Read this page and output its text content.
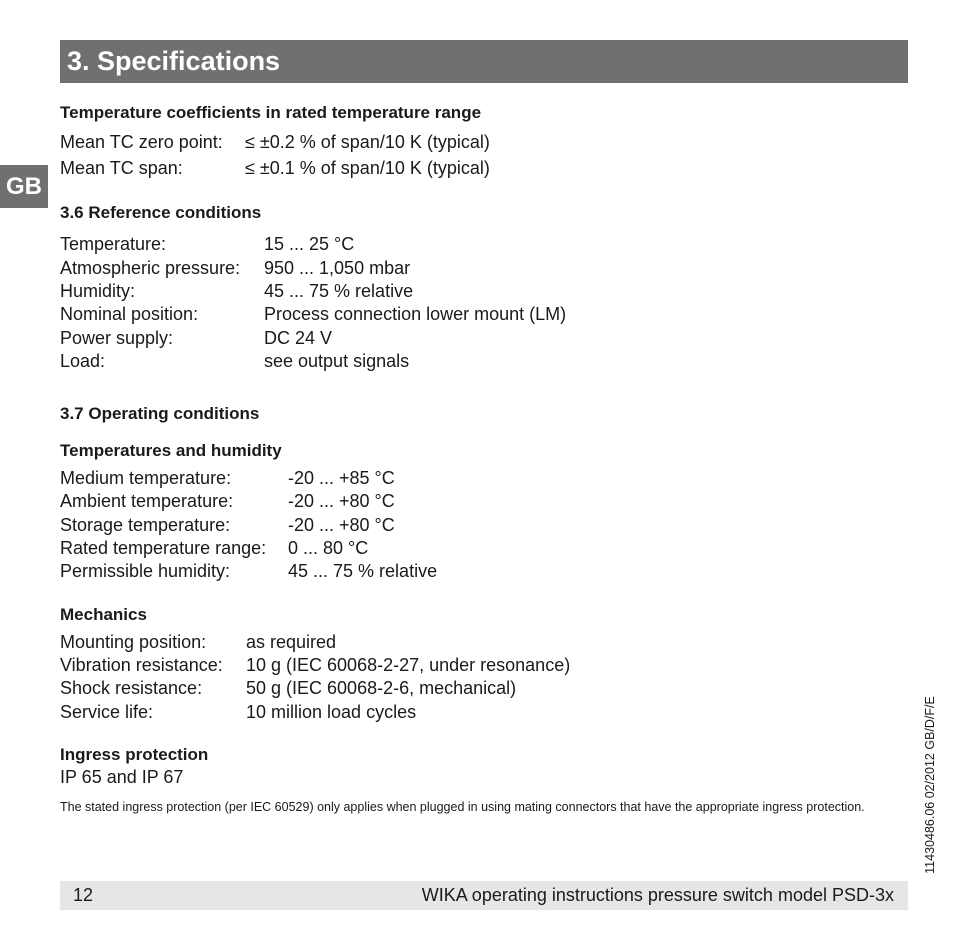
3. Specifications
GB
Temperature coefficients in rated temperature range
Mean TC zero point: ≤ ±0.2 % of span/10 K (typical)
Mean TC span:	≤ ±0.1 % of span/10 K (typical)
3.6 Reference conditions
Temperature:	15 ... 25 °C
Atmospheric pressure: 950 ... 1,050 mbar
Humidity:	45 ... 75 % relative
Nominal position:	Process connection lower mount (LM)
Power supply:	DC 24 V
Load:	see output signals
3.7 Operating conditions
Temperatures and humidity
Medium temperature:	-20 ... +85 °C
Ambient temperature:	-20 ... +80 °C
Storage temperature:	-20 ... +80 °C
Rated temperature range: 0 ... 80 °C
Permissible humidity:	45 ... 75 % relative
Mechanics
Mounting position: as required
Vibration resistance: 10 g (IEC 60068-2-27, under resonance)
Shock resistance: 50 g (IEC 60068-2-6, mechanical)
Service life:	10 million load cycles
Ingress protection
IP 65 and IP 67
The stated ingress protection (per IEC 60529) only applies when plugged in using mating connectors that have the appropriate ingress protection.	11430486.06 02/2012 GB/D/F/E
12	WIKA operating instructions pressure switch model PSD-3x
